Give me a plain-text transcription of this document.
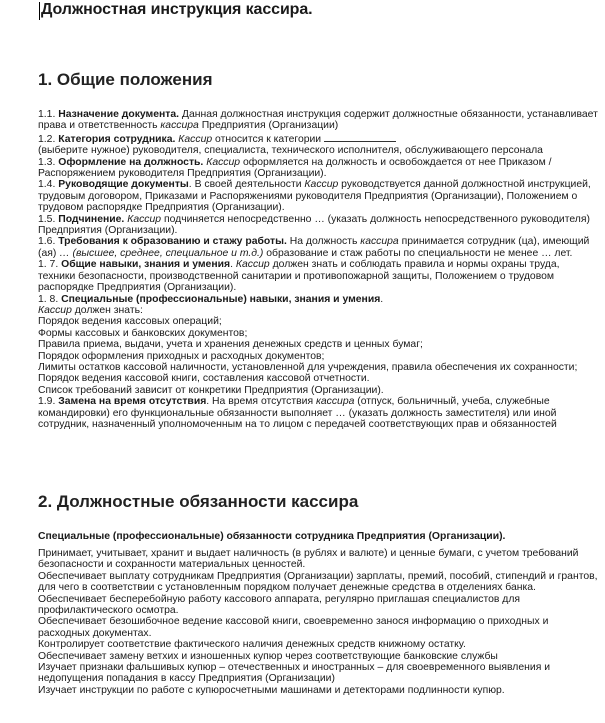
Должностная инструкция кассира.
1. Общие положения

1.1. Назначение документа. Данная должностная инструкция содержит должностные обязанности, устанавливает права и ответственность кассира Предприятия (Организации)

1.2. Категория сотрудника. Кассир относится к категории

(выберите нужное) руководителя, специалиста, технического исполнителя, обслуживающего персонала

1.3. Оформление на должность. Кассир оформляется на должность и освобождается от нее Приказом / Распоряжением руководителя Предприятия (Организации).

1.4. Руководящие документы. В своей деятельности Кассир руководствуется данной должностной инструкцией, трудовым договором, Приказами и Распоряжениями руководителя Предприятия (Организации), Положением о трудовом распорядке Предприятия (Организации).

1.5. Подчинение. Кассир подчиняется непосредственно … (указать должность непосредственного руководителя) Предприятия (Организации).

1.6. Требования к образованию и стажу работы. На должность кассира принимается сотрудник (ца), имеющий (ая) … (высшее, среднее, специальное и т.д.) образование и стаж работы по специальности не менее … лет.

1. 7. Общие навыки, знания и умения. Кассир должен знать и соблюдать правила и нормы охраны труда, техники безопасности, производственной санитарии и противопожарной защиты, Положением о трудовом распорядке Предприятия (Организации).

1. 8. Специальные (профессиональные) навыки, знания и умения.

Кассир должен знать:

Порядок ведения кассовых операций;

Формы кассовых и банковских документов;

Правила приема, выдачи, учета и хранения денежных средств и ценных бумаг;

Порядок оформления приходных и расходных документов;

Лимиты остатков кассовой наличности, установленной для учреждения, правила обеспечения их сохранности;

Порядок ведения кассовой книги, составления кассовой отчетности.

Список требований зависит от конкретики Предприятия (Организации).

1.9. Замена на время отсутствия. На время отсутствия кассира (отпуск, больничный, учеба, служебные командировки) его функциональные обязанности выполняет … (указать должность заместителя) или иной сотрудник, назначенный уполномоченным на то лицом с передачей соответствующих прав и обязанностей

2. Должностные обязанности кассира

Специальные (профессиональные) обязанности сотрудника Предприятия (Организации).

Принимает, учитывает, хранит и выдает наличность (в рублях и валюте) и ценные бумаги, с учетом требований безопасности и сохранности материальных ценностей.

Обеспечивает выплату сотрудникам Предприятия (Организации) зарплаты, премий, пособий, стипендий и грантов, для чего в соответствии с установленным порядком получает денежные средства в отделениях банка.

Обеспечивает бесперебойную работу кассового аппарата, регулярно приглашая специалистов для профилактического осмотра.

Обеспечивает безошибочное ведение кассовой книги, своевременно занося информацию о приходных и расходных документах.

Контролирует соответствие фактического наличия денежных средств книжному остатку.

Обеспечивает замену ветхих и изношенных купюр через соответствующие банковские службы

Изучает признаки фальшивых купюр – отечественных и иностранных – для своевременного выявления и недопущения попадания в кассу Предприятия (Организации)

Изучает инструкции по работе с купюросчетными машинами и детекторами подлинности купюр.
